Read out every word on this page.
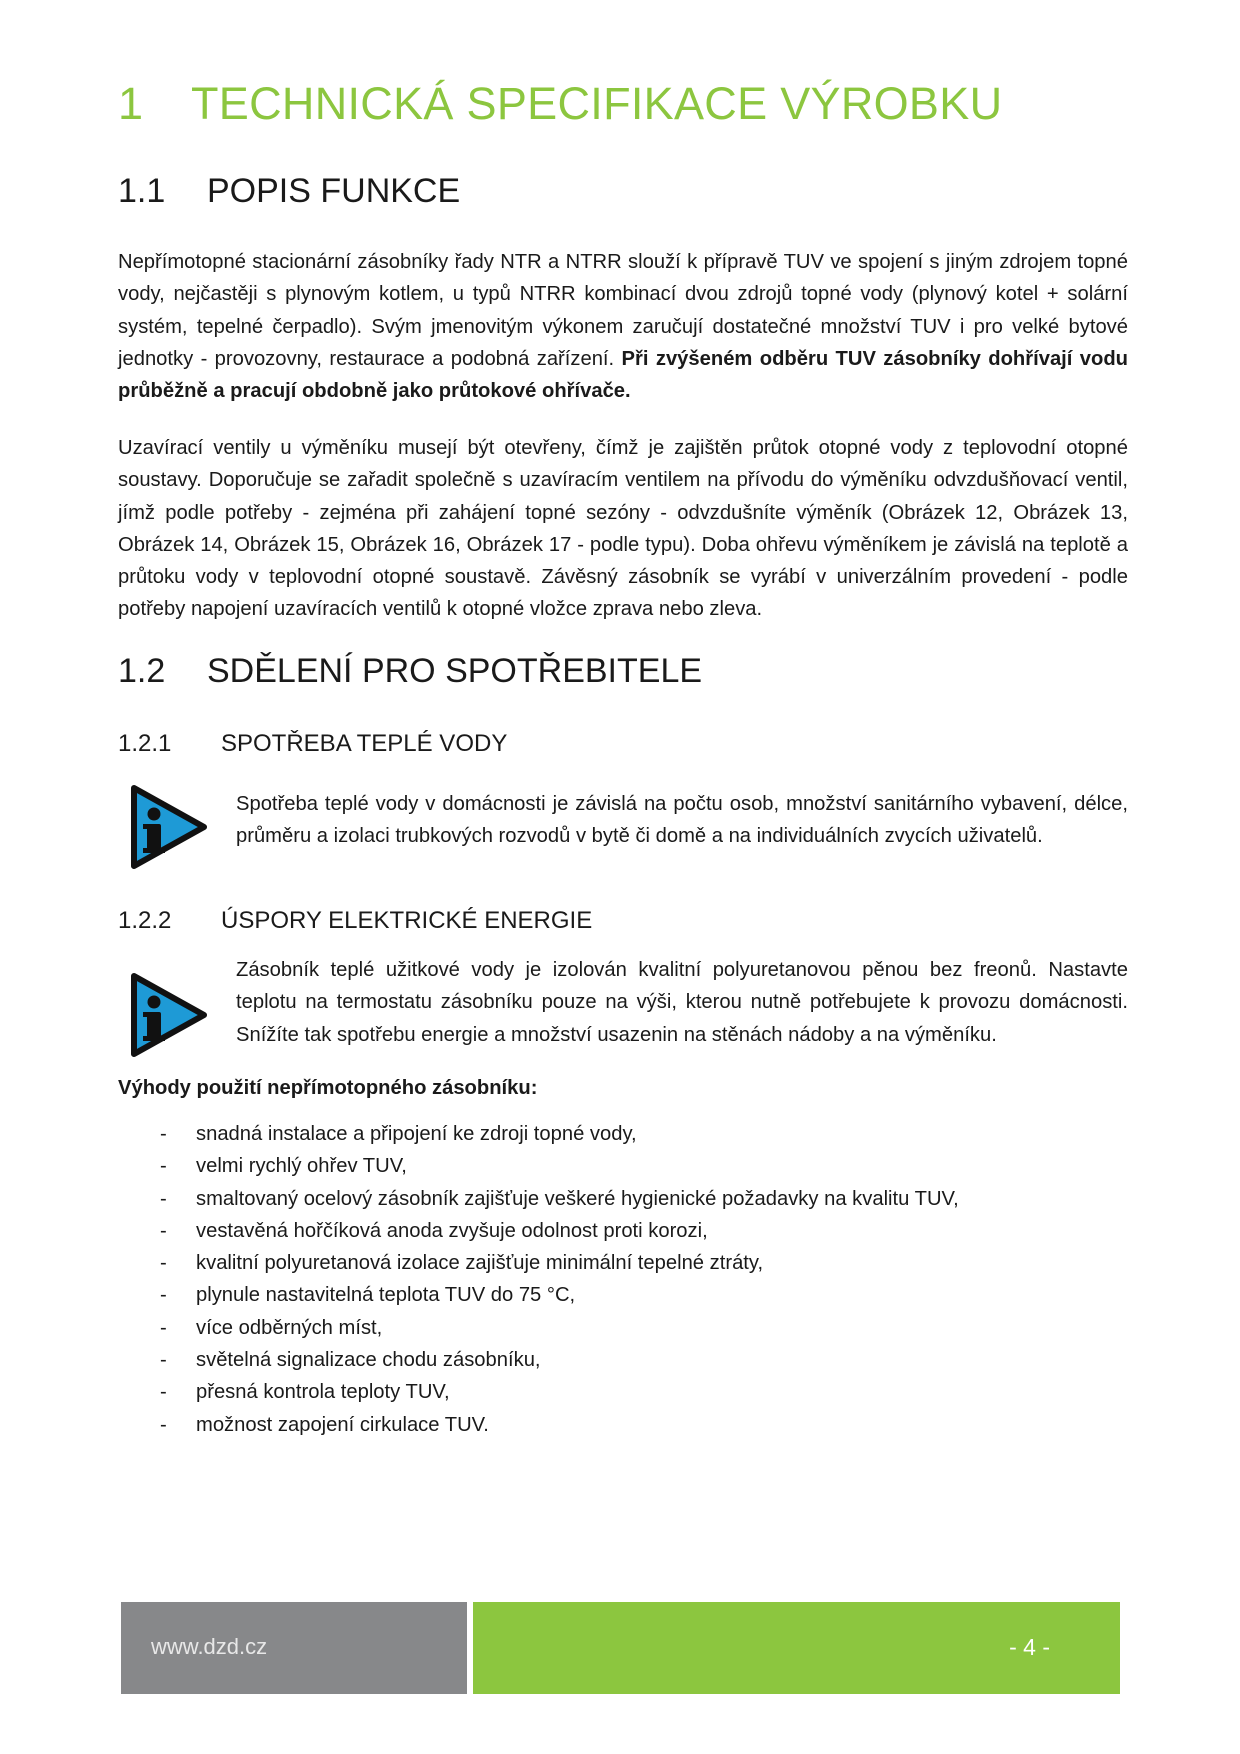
1 TECHNICKÁ SPECIFIKACE VÝROBKU
1.1 POPIS FUNKCE
Nepřímotopné stacionární zásobníky řady NTR a NTRR slouží k přípravě TUV ve spojení s jiným zdrojem topné vody, nejčastěji s plynovým kotlem, u typů NTRR kombinací dvou zdrojů topné vody (plynový kotel + solární systém, tepelné čerpadlo). Svým jmenovitým výkonem zaručují dostatečné množství TUV i pro velké bytové jednotky - provozovny, restaurace a podobná zařízení. Při zvýšeném odběru TUV zásobníky dohřívají vodu průběžně a pracují obdobně jako průtokové ohřívače.
Uzavírací ventily u výměníku musejí být otevřeny, čímž je zajištěn průtok otopné vody z teplovodní otopné soustavy. Doporučuje se zařadit společně s uzavíracím ventilem na přívodu do výměníku odvzdušňovací ventil, jímž podle potřeby - zejména při zahájení topné sezóny - odvzdušníte výměník (Obrázek 12, Obrázek 13, Obrázek 14, Obrázek 15, Obrázek 16, Obrázek 17 - podle typu). Doba ohřevu výměníkem je závislá na teplotě a průtoku vody v teplovodní otopné soustavě. Závěsný zásobník se vyrábí v univerzálním provedení - podle potřeby napojení uzavíracích ventilů k otopné vložce zprava nebo zleva.
1.2 SDĚLENÍ PRO SPOTŘEBITELE
1.2.1 SPOTŘEBA TEPLÉ VODY
Spotřeba teplé vody v domácnosti je závislá na počtu osob, množství sanitárního vybavení, délce, průměru a izolaci trubkových rozvodů v bytě či domě a na individuálních zvycích uživatelů.
1.2.2 ÚSPORY ELEKTRICKÉ ENERGIE
Zásobník teplé užitkové vody je izolován kvalitní polyuretanovou pěnou bez freonů. Nastavte teplotu na termostatu zásobníku pouze na výši, kterou nutně potřebujete k provozu domácnosti. Snížíte tak spotřebu energie a množství usazenin na stěnách nádoby a na výměníku.
Výhody použití nepřímotopného zásobníku:
- snadná instalace a připojení ke zdroji topné vody,
- velmi rychlý ohřev TUV,
- smaltovaný ocelový zásobník zajišťuje veškeré hygienické požadavky na kvalitu TUV,
- vestavěná hořčíková anoda zvyšuje odolnost proti korozi,
- kvalitní polyuretanová izolace zajišťuje minimální tepelné ztráty,
- plynule nastavitelná teplota TUV do 75 °C,
- více odběrných míst,
- světelná signalizace chodu zásobníku,
- přesná kontrola teploty TUV,
- možnost zapojení cirkulace TUV.
www.dzd.cz	- 4 -
